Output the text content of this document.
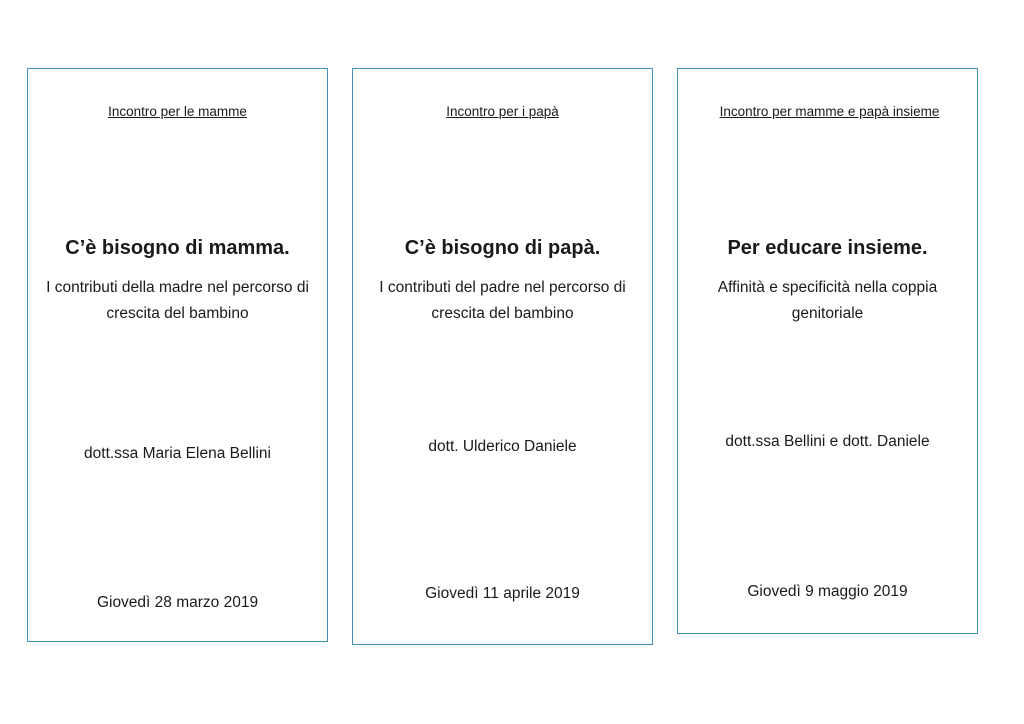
Incontro per le mamme
C’è bisogno di mamma.
I contributi della madre nel percorso di crescita del bambino
dott.ssa Maria Elena Bellini
Giovedì 28 marzo 2019
Incontro per i papà
C’è bisogno di papà.
I contributi del padre nel percorso di crescita del bambino
dott. Ulderico Daniele
Giovedì 11 aprile 2019
Incontro per mamme e papà insieme
Per educare insieme.
Affinità e specificità nella coppia genitoriale
dott.ssa Bellini e dott. Daniele
Giovedì 9 maggio 2019
